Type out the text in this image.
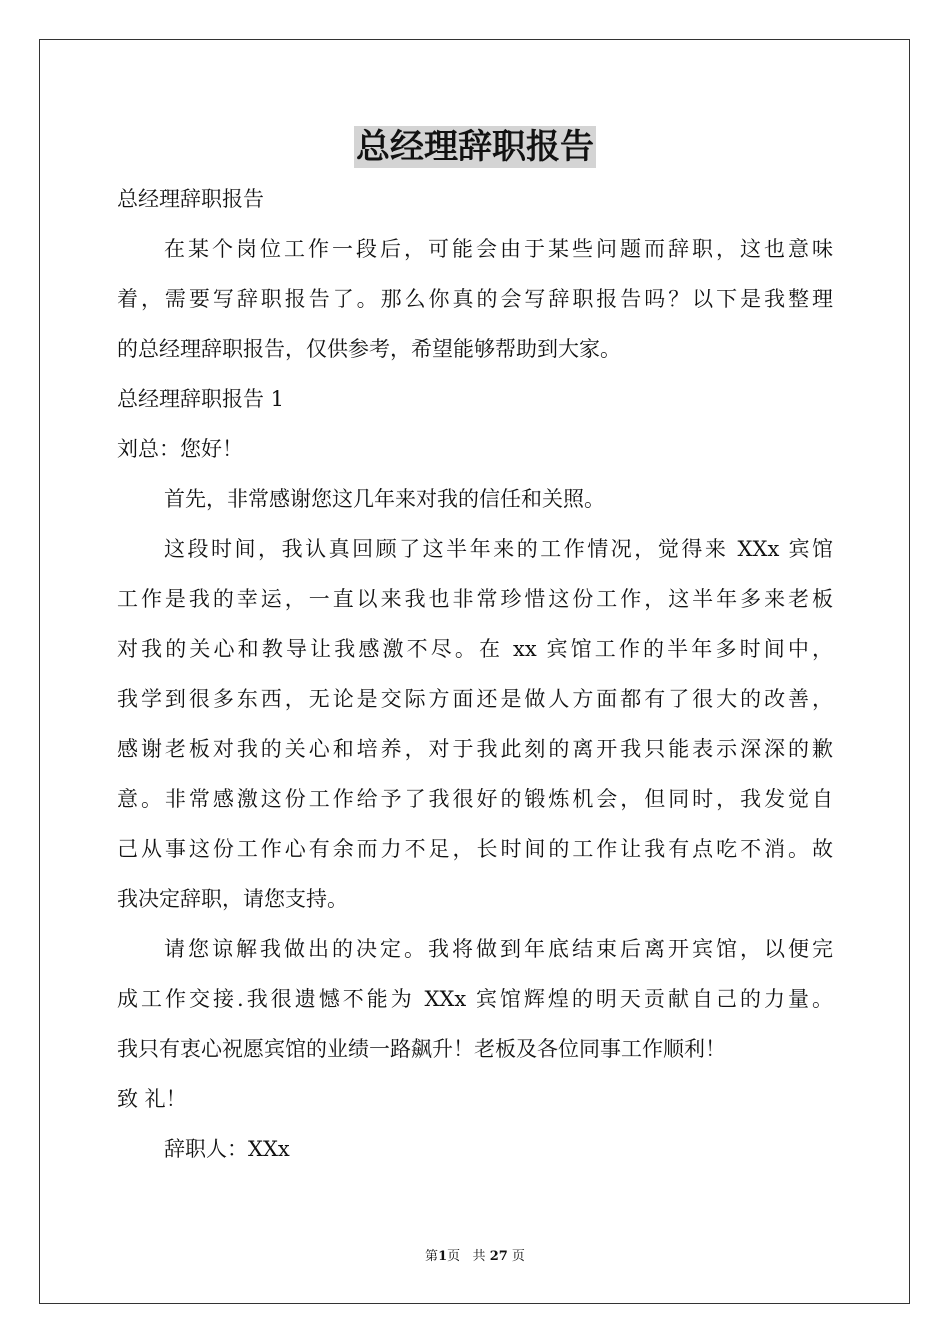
总经理辞职报告
总经理辞职报告
在某个岗位工作一段后，可能会由于某些问题而辞职，这也意味
着，需要写辞职报告了。那么你真的会写辞职报告吗？以下是我整理
的总经理辞职报告，仅供参考，希望能够帮助到大家。
总经理辞职报告 1
刘总：您好！
首先，非常感谢您这几年来对我的信任和关照。
这段时间，我认真回顾了这半年来的工作情况，觉得来 XXx 宾馆
工作是我的幸运，一直以来我也非常珍惜这份工作，这半年多来老板
对我的关心和教导让我感激不尽。在 xx 宾馆工作的半年多时间中，
我学到很多东西，无论是交际方面还是做人方面都有了很大的改善，
感谢老板对我的关心和培养，对于我此刻的离开我只能表示深深的歉
意。非常感激这份工作给予了我很好的锻炼机会，但同时，我发觉自
己从事这份工作心有余而力不足，长时间的工作让我有点吃不消。故
我决定辞职，请您支持。
请您谅解我做出的决定。我将做到年底结束后离开宾馆，以便完
成工作交接.我很遗憾不能为 XXx 宾馆辉煌的明天贡献自己的力量。
我只有衷心祝愿宾馆的业绩一路飙升！老板及各位同事工作顺利！
致 礼！
辞职人：XXx
第1页 共 27 页
